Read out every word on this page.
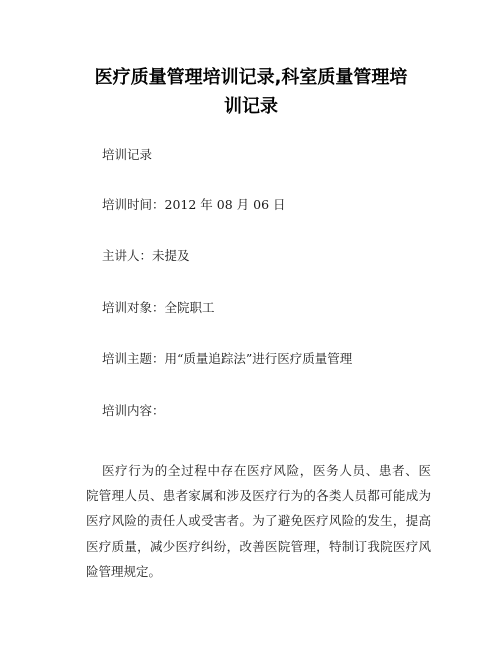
医疗质量管理培训记录,科室质量管理培
训记录
培训记录
培训时间：2012 年 08 月 06 日
主讲人：未提及
培训对象：全院职工
培训主题：用“质量追踪法”进行医疗质量管理
培训内容：
医疗行为的全过程中存在医疗风险，医务人员、患者、医
院管理人员、患者家属和涉及医疗行为的各类人员都可能成为
医疗风险的责任人或受害者。为了避免医疗风险的发生，提高
医疗质量，减少医疗纠纷，改善医院管理，特制订我院医疗风
险管理规定。
